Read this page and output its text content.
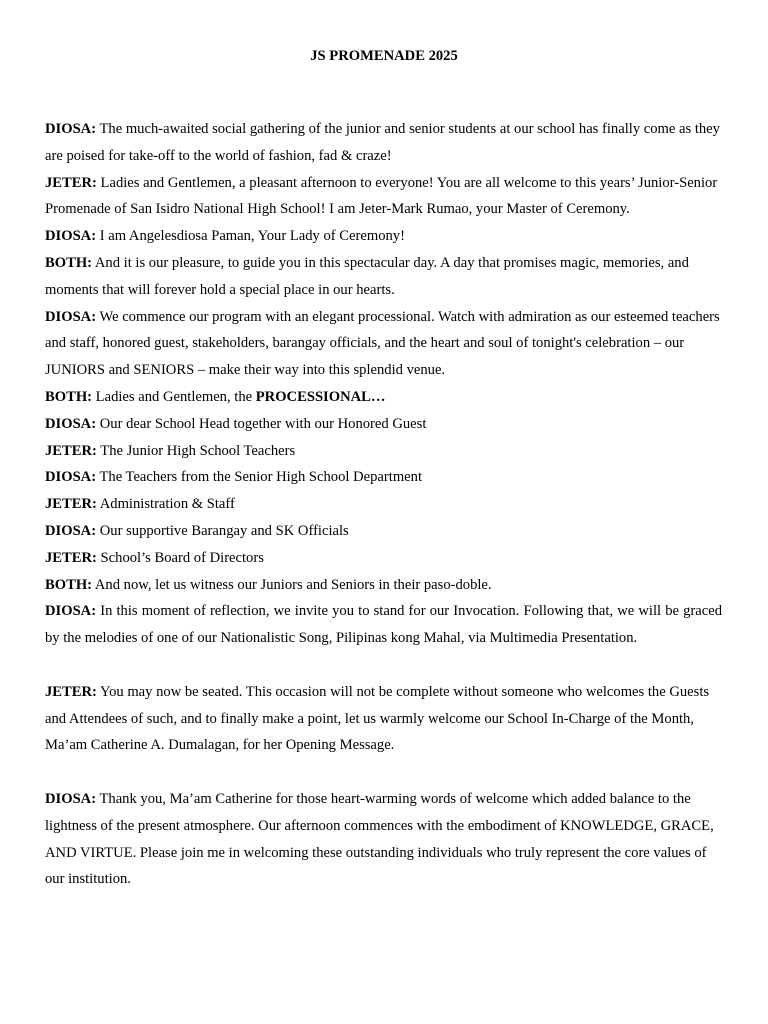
JS PROMENADE 2025

DIOSA: The much-awaited social gathering of the junior and senior students at our school has finally come as they are poised for take-off to the world of fashion, fad & craze!

JETER: Ladies and Gentlemen, a pleasant afternoon to everyone! You are all welcome to this years’ Junior-Senior Promenade of San Isidro National High School! I am Jeter-Mark Rumao, your Master of Ceremony.

DIOSA: I am Angelesdiosa Paman, Your Lady of Ceremony!

BOTH: And it is our pleasure, to guide you in this spectacular day. A day that promises magic, memories, and moments that will forever hold a special place in our hearts.

DIOSA: We commence our program with an elegant processional. Watch with admiration as our esteemed teachers and staff, honored guest, stakeholders, barangay officials, and the heart and soul of tonight's celebration – our JUNIORS and SENIORS – make their way into this splendid venue.

BOTH: Ladies and Gentlemen, the PROCESSIONAL…

DIOSA: Our dear School Head together with our Honored Guest

JETER: The Junior High School Teachers

DIOSA: The Teachers from the Senior High School Department

JETER: Administration & Staff

DIOSA: Our supportive Barangay and SK Officials

JETER: School’s Board of Directors

BOTH: And now, let us witness our Juniors and Seniors in their paso-doble.

DIOSA: In this moment of reflection, we invite you to stand for our Invocation. Following that, we will be graced by the melodies of one of our Nationalistic Song, Pilipinas kong Mahal, via Multimedia Presentation.

JETER: You may now be seated. This occasion will not be complete without someone who welcomes the Guests and Attendees of such, and to finally make a point, let us warmly welcome our School In-Charge of the Month, Ma’am Catherine A. Dumalagan, for her Opening Message.

DIOSA: Thank you, Ma’am Catherine for those heart-warming words of welcome which added balance to the lightness of the present atmosphere. Our afternoon commences with the embodiment of KNOWLEDGE, GRACE, AND VIRTUE. Please join me in welcoming these outstanding individuals who truly represent the core values of our institution.
